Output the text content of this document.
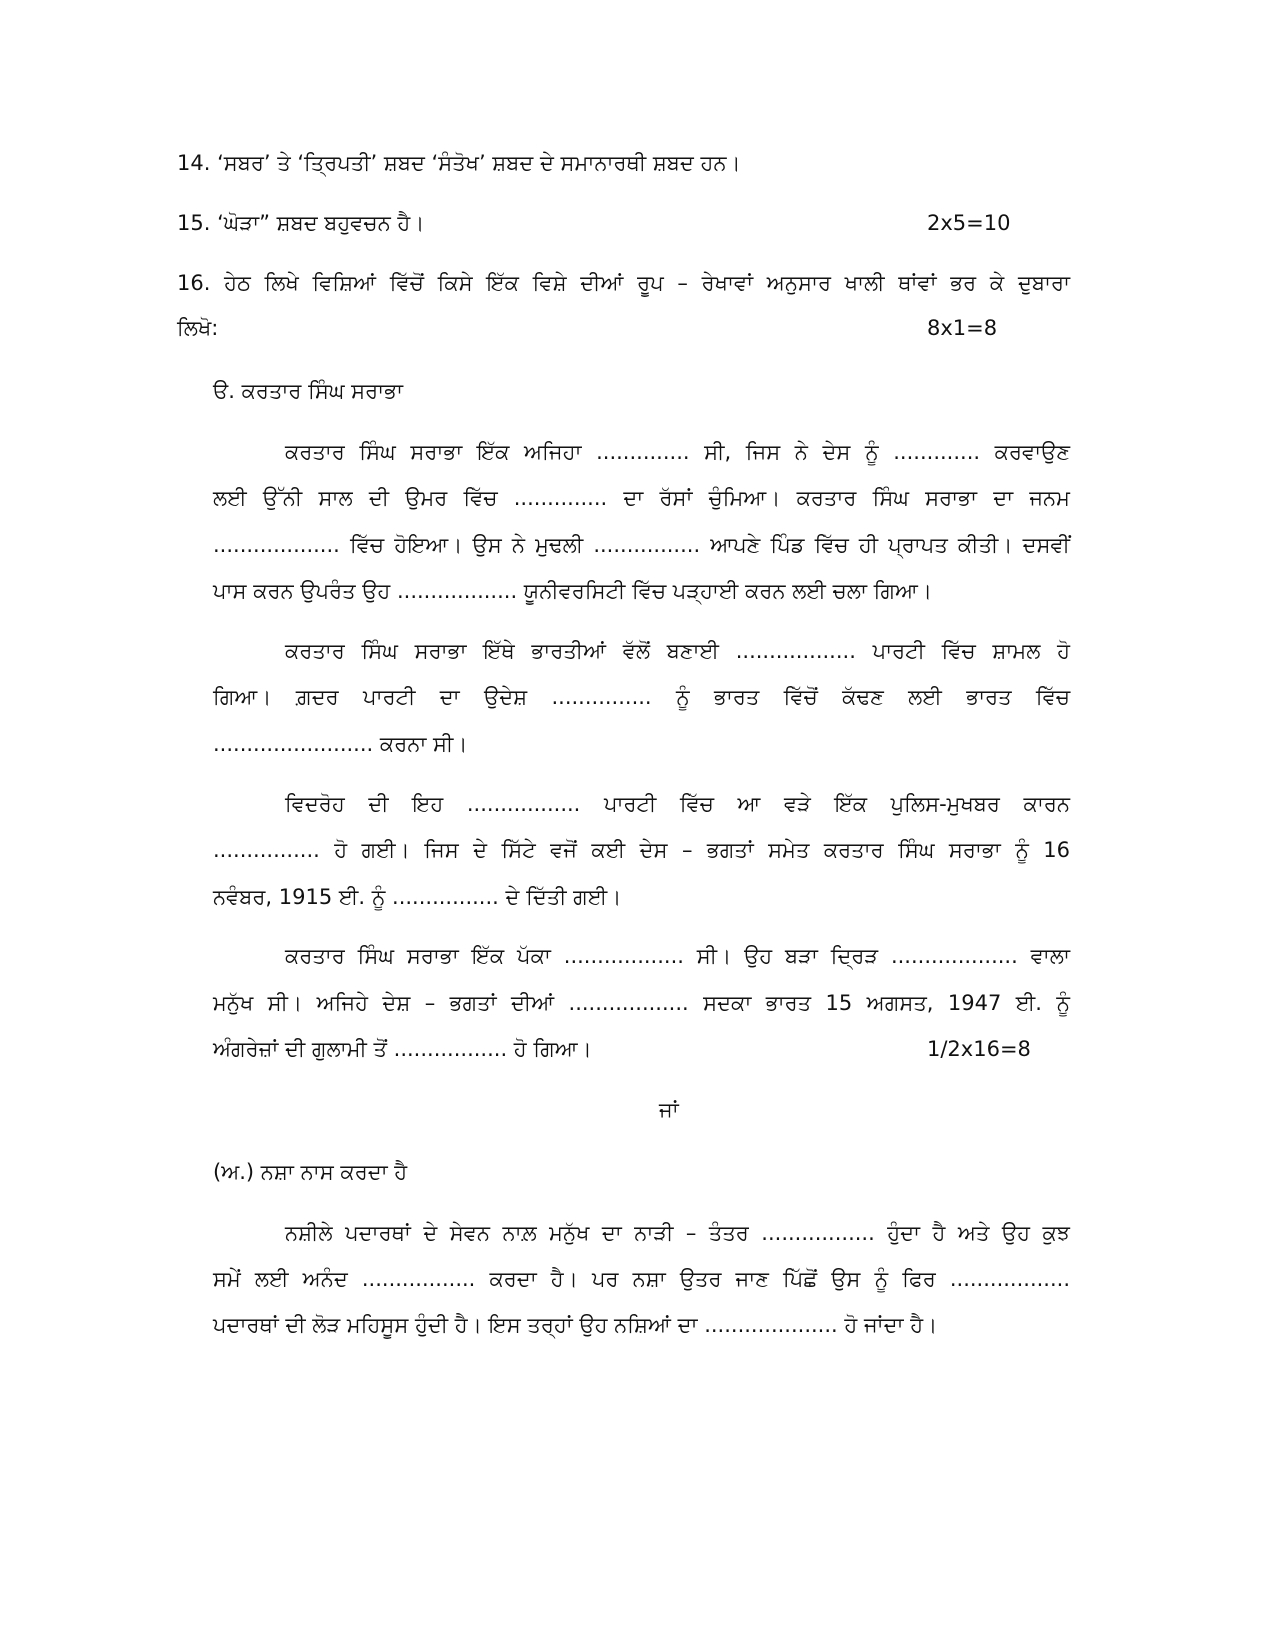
14. ‘ਸਬਰ’ ਤੇ ‘ਤ੍ਰਿਪਤੀ’ ਸ਼ਬਦ ‘ਸੰਤੋਖ’ ਸ਼ਬਦ ਦੇ ਸਮਾਨਾਰਥੀ ਸ਼ਬਦ ਹਨ।
15. ‘ਘੋੜਾ” ਸ਼ਬਦ ਬਹੁਵਚਨ ਹੈ।	2x5=10
16. ਹੇਠ ਲਿਖੇ ਵਿਸ਼ਿਆਂ ਵਿੱਚੋਂ ਕਿਸੇ ਇੱਕ ਵਿਸ਼ੇ ਦੀਆਂ ਰੂਪ – ਰੇਖਾਵਾਂ ਅਨੁਸਾਰ ਖਾਲੀ ਥਾਂਵਾਂ ਭਰ ਕੇ ਦੁਬਾਰਾ
ਲਿਖੋ:	8x1=8
ੳ. ਕਰਤਾਰ ਸਿੰਘ ਸਰਾਭਾ
ਕਰਤਾਰ ਸਿੰਘ ਸਰਾਭਾ ਇੱਕ ਅਜਿਹਾ .............. ਸੀ, ਜਿਸ ਨੇ ਦੇਸ ਨੂੰ ............. ਕਰਵਾਉਣ
ਲਈ ਉੱਨੀ ਸਾਲ ਦੀ ਉਮਰ ਵਿੱਚ .............. ਦਾ ਰੱਸਾਂ ਚੁੰਮਿਆ। ਕਰਤਾਰ ਸਿੰਘ ਸਰਾਭਾ ਦਾ ਜਨਮ
................... ਵਿੱਚ ਹੋਇਆ। ਉਸ ਨੇ ਮੁਢਲੀ ................ ਆਪਣੇ ਪਿੰਡ ਵਿੱਚ ਹੀ ਪ੍ਰਾਪਤ ਕੀਤੀ। ਦਸਵੀਂ
ਪਾਸ ਕਰਨ ਉਪਰੰਤ ਉਹ .................. ਯੂਨੀਵਰਸਿਟੀ ਵਿੱਚ ਪੜ੍ਹਾਈ ਕਰਨ ਲਈ ਚਲਾ ਗਿਆ।
ਕਰਤਾਰ ਸਿੰਘ ਸਰਾਭਾ ਇੱਥੇ ਭਾਰਤੀਆਂ ਵੱਲੋਂ ਬਣਾਈ .................. ਪਾਰਟੀ ਵਿੱਚ ਸ਼ਾਮਲ ਹੋ
ਗਿਆ। ਗ਼ਦਰ ਪਾਰਟੀ ਦਾ ਉਦੇਸ਼ ............... ਨੂੰ ਭਾਰਤ ਵਿੱਚੋਂ ਕੱਢਣ ਲਈ ਭਾਰਤ ਵਿੱਚ
........................ ਕਰਨਾ ਸੀ।
ਵਿਦਰੋਹ ਦੀ ਇਹ ................. ਪਾਰਟੀ ਵਿੱਚ ਆ ਵੜੇ ਇੱਕ ਪੁਲਿਸ-ਮੁਖਬਰ ਕਾਰਨ
................ ਹੋ ਗਈ। ਜਿਸ ਦੇ ਸਿੱਟੇ ਵਜੋਂ ਕਈ ਦੇਸ – ਭਗਤਾਂ ਸਮੇਤ ਕਰਤਾਰ ਸਿੰਘ ਸਰਾਭਾ ਨੂੰ 16
ਨਵੰਬਰ, 1915 ਈ. ਨੂੰ ................ ਦੇ ਦਿੱਤੀ ਗਈ।
ਕਰਤਾਰ ਸਿੰਘ ਸਰਾਭਾ ਇੱਕ ਪੱਕਾ .................. ਸੀ। ਉਹ ਬੜਾ ਦ੍ਰਿੜ ................... ਵਾਲਾ
ਮਨੁੱਖ ਸੀ। ਅਜਿਹੇ ਦੇਸ਼ – ਭਗਤਾਂ ਦੀਆਂ .................. ਸਦਕਾ ਭਾਰਤ 15 ਅਗਸਤ, 1947 ਈ. ਨੂੰ
ਅੰਗਰੇਜ਼ਾਂ ਦੀ ਗੁਲਾਮੀ ਤੋਂ ................. ਹੋ ਗਿਆ।	1/2x16=8
ਜਾਂ
(ਅ.) ਨਸ਼ਾ ਨਾਸ ਕਰਦਾ ਹੈ
ਨਸ਼ੀਲੇ ਪਦਾਰਥਾਂ ਦੇ ਸੇਵਨ ਨਾਲ਼ ਮਨੁੱਖ ਦਾ ਨਾੜੀ – ਤੰਤਰ ................. ਹੁੰਦਾ ਹੈ ਅਤੇ ਉਹ ਕੁਝ
ਸਮੇਂ ਲਈ ਅਨੰਦ ................. ਕਰਦਾ ਹੈ। ਪਰ ਨਸ਼ਾ ਉਤਰ ਜਾਣ ਪਿੱਛੋਂ ਉਸ ਨੂੰ ਫਿਰ ..................
ਪਦਾਰਥਾਂ ਦੀ ਲੋੜ ਮਹਿਸੂਸ ਹੁੰਦੀ ਹੈ। ਇਸ ਤਰ੍ਹਾਂ ਉਹ ਨਸ਼ਿਆਂ ਦਾ .................... ਹੋ ਜਾਂਦਾ ਹੈ।
